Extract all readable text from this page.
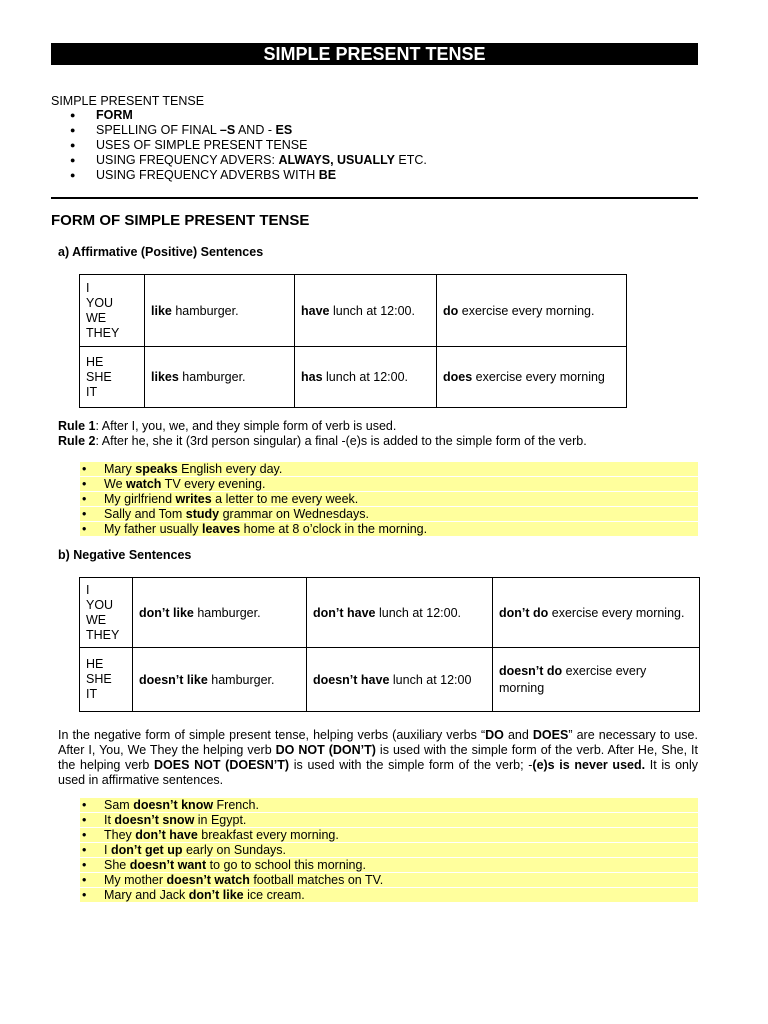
SIMPLE PRESENT TENSE
SIMPLE PRESENT TENSE
● FORM
● SPELLING OF FINAL –S AND - ES
● USES OF SIMPLE PRESENT TENSE
● USING FREQUENCY ADVERS: ALWAYS, USUALLY ETC.
● USING FREQUENCY ADVERBS WITH BE
FORM OF SIMPLE PRESENT TENSE
a) Affirmative (Positive) Sentences
I
YOU
WE
THEY	like hamburger.	have lunch at 12:00.	do exercise every morning.

HE
SHE
IT	likes hamburger.	has lunch at 12:00.	does exercise every morning
Rule 1: After I, you, we, and they simple form of verb is used.
Rule 2: After he, she it (3rd person singular) a final -(e)s is added to the simple form of the verb.
• Mary speaks English every day.
• We watch TV every evening.
• My girlfriend writes a letter to me every week.
• Sally and Tom study grammar on Wednesdays.
• My father usually leaves home at 8 o’clock in the morning.
b) Negative Sentences
I
YOU
WE
THEY	don’t like hamburger.	don’t have lunch at 12:00.	don’t do exercise every morning.

HE
SHE
IT	doesn’t like hamburger.	doesn’t have lunch at 12:00	doesn’t do exercise every morning
In the negative form of simple present tense, helping verbs (auxiliary verbs “DO and DOES” are necessary to use. After I, You, We They the helping verb DO NOT (DON’T) is used with the simple form of the verb. After He, She, It the helping verb DOES NOT (DOESN’T) is used with the simple form of the verb; -(e)s is never used. It is only used in affirmative sentences.
• Sam doesn’t know French.
• It doesn’t snow in Egypt.
• They don’t have breakfast every morning.
• I don’t get up early on Sundays.
• She doesn’t want to go to school this morning.
• My mother doesn’t watch football matches on TV.
• Mary and Jack don’t like ice cream.
